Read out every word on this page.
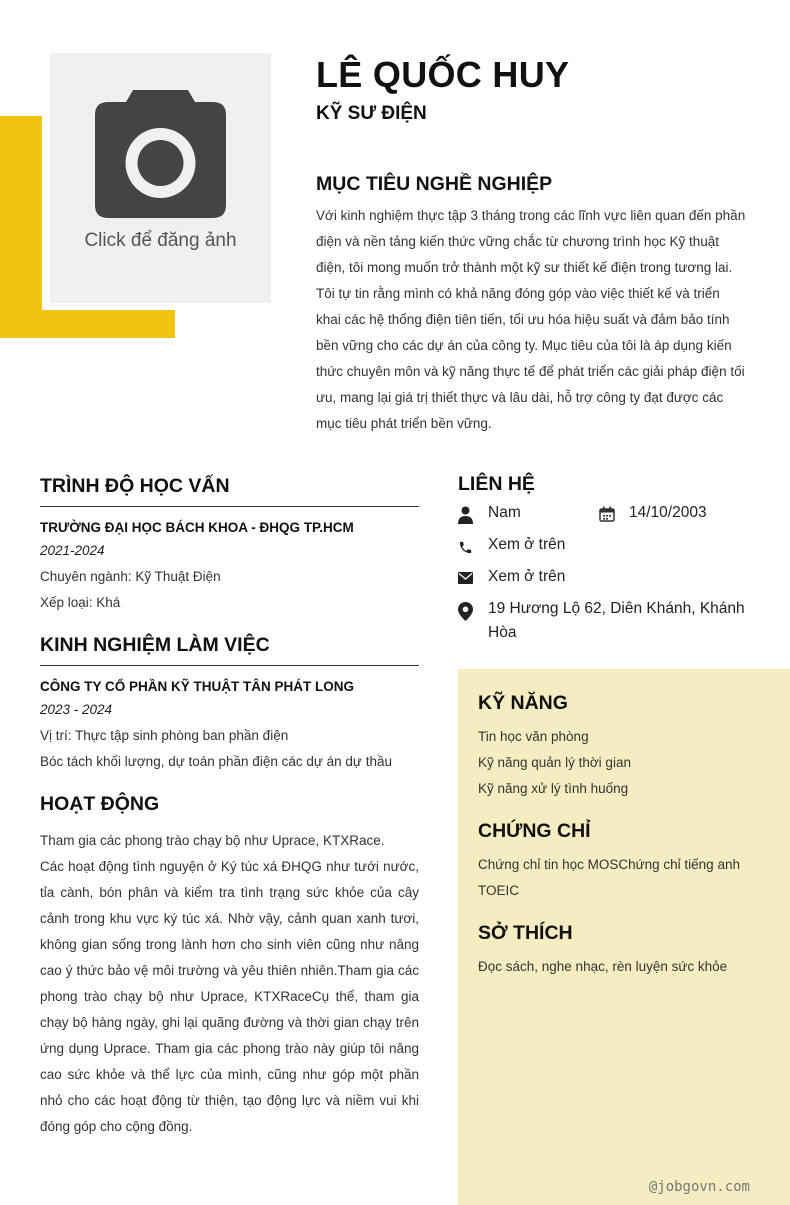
Click để đăng ảnh
LÊ QUỐC HUY
KỸ SƯ ĐIỆN
MỤC TIÊU NGHỀ NGHIỆP
Với kinh nghiệm thực tập 3 tháng trong các lĩnh vực liên quan đến phần điện và nền tảng kiến thức vững chắc từ chương trình học Kỹ thuật điện, tôi mong muốn trở thành một kỹ sư thiết kế điện trong tương lai. Tôi tự tin rằng mình có khả năng đóng góp vào việc thiết kế và triển khai các hệ thống điện tiên tiến, tối ưu hóa hiệu suất và đảm bảo tính bền vững cho các dự án của công ty. Mục tiêu của tôi là áp dụng kiến thức chuyên môn và kỹ năng thực tế để phát triển các giải pháp điện tối ưu, mang lại giá trị thiết thực và lâu dài, hỗ trợ công ty đạt được các mục tiêu phát triển bền vững.
TRÌNH ĐỘ HỌC VẤN
TRƯỜNG ĐẠI HỌC BÁCH KHOA - ĐHQG TP.HCM
2021-2024
Chuyên ngành: Kỹ Thuật Điện
Xếp loại: Khá
KINH NGHIỆM LÀM VIỆC
CÔNG TY CỔ PHẦN KỸ THUẬT TÂN PHÁT LONG
2023 - 2024
Vị trí: Thực tập sinh phòng ban phần điện
Bóc tách khối lượng, dự toán phần điện các dự án dự thầu
HOẠT ĐỘNG
Tham gia các phong trào chạy bộ như Uprace, KTXRace.
Các hoạt động tình nguyện ở Ký túc xá ĐHQG như tưới nước, tỉa cành, bón phân và kiểm tra tình trạng sức khỏe của cây cảnh trong khu vực ký túc xá. Nhờ vậy, cảnh quan xanh tươi, không gian sống trong lành hơn cho sinh viên cũng như nâng cao ý thức bảo vệ môi trường và yêu thiên nhiên.Tham gia các phong trào chạy bộ như Uprace, KTXRaceCụ thể, tham gia chạy bộ hàng ngày, ghi lại quãng đường và thời gian chạy trên ứng dụng Uprace. Tham gia các phong trào này giúp tôi nâng cao sức khỏe và thể lực của mình, cũng như góp một phần nhỏ cho các hoạt động từ thiện, tạo động lực và niềm vui khi đóng góp cho cộng đồng.
LIÊN HỆ
Nam	14/10/2003
Xem ở trên
Xem ở trên
19 Hương Lộ 62, Diên Khánh, Khánh Hòa
KỸ NĂNG
Tin học văn phòng
Kỹ năng quản lý thời gian
Kỹ năng xử lý tình huống
CHỨNG CHỈ
Chứng chỉ tin học MOSChứng chỉ tiếng anh TOEIC
SỞ THÍCH
Đọc sách, nghe nhạc, rèn luyện sức khỏe
@jobgovn.com
